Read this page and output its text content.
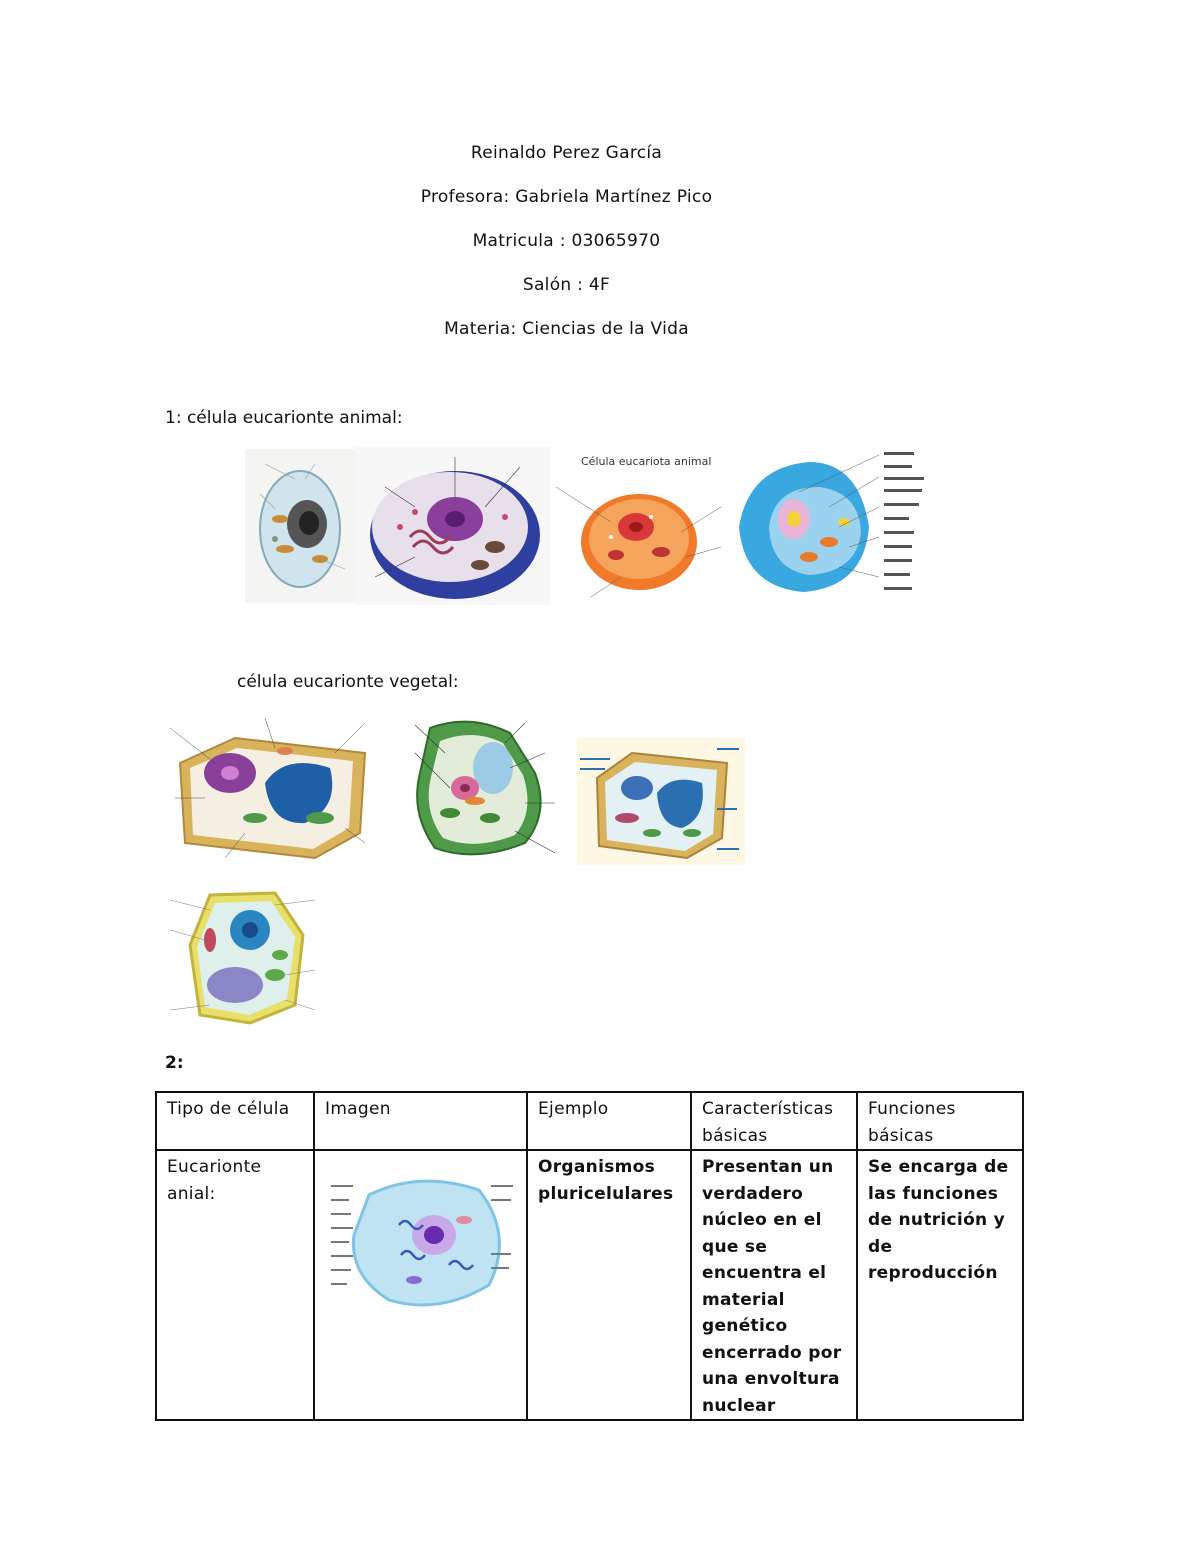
Reinaldo Perez García
Profesora: Gabriela Martínez Pico
Matricula : 03065970
Salón : 4F
Materia: Ciencias de la Vida
1: célula eucarionte animal:
célula eucarionte vegetal:
Célula eucariota animal
2:
Tipo de célula	Imagen	Ejemplo	Características básicas	Funciones básicas
Eucarionte anial:		Organismos pluricelulares	Presentan un verdadero núcleo en el que se encuentra el material genético encerrado por una envoltura nuclear	Se encarga de las funciones de nutrición y de reproducción
